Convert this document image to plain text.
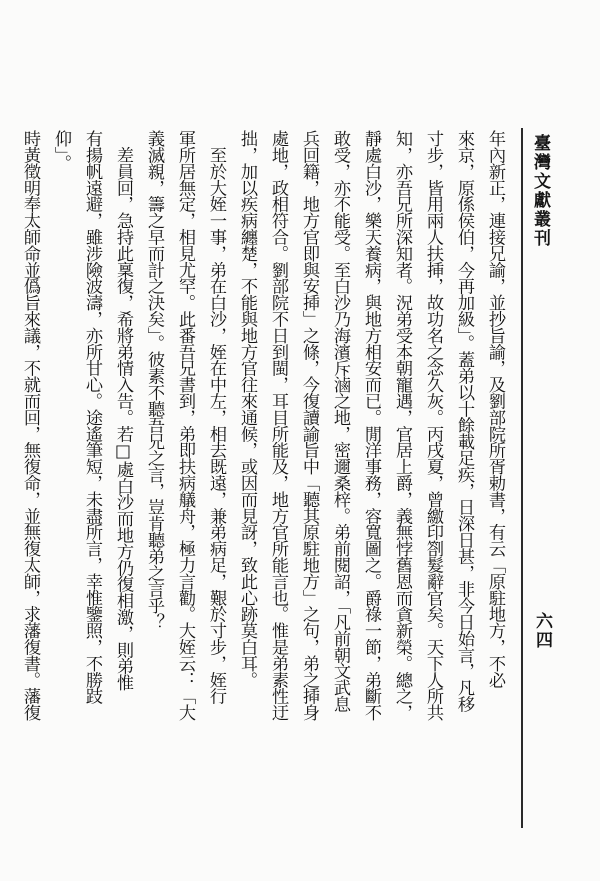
臺灣文獻叢刊
六四
年內新正，連接兄諭，並抄旨諭，及劉部院所胥勅書，有云「原駐地方，不必
來京，原係侯伯，今再加級」。蓋弟以十餘載足疾，日深日甚，非今日始言，凡移
寸步，皆用兩人扶挿，故功名之念久灰。丙戌夏，曾繳印劄髮辭官矣。天下人所共
知，亦吾兄所深知者。況弟受本朝寵遇，官居上爵，義無悖舊恩而貪新榮。總之，
靜處白沙，樂天養病，與地方相安而已。閒洋事務，容寬圖之。爵祿一節，弟斷不
敢受，亦不能受。至白沙乃海濱斥滷之地，密邇桑梓。弟前閱詔，「凡前朝文武息
兵回籍，地方官即與安揷」之條，今復讀諭旨中「聽其原駐地方」之句，弟之揷身
處地，政相符合。劉部院不日到閩，耳目所能及，地方官所能言也。惟是弟素性迂
拙，加以疾病纏楚，不能與地方官往來通候，或因而見訝，致此心跡莫白耳。
　至於大姪一事，弟在白沙，姪在中左，相去既遠，兼弟病足，艱於寸步，姪行
軍所居無定，相見尤罕。此番吾兄書到，弟即扶病艤舟，極力言勸。大姪云：「大
義滅親，籌之早而計之決矣」。彼素不聽吾兄之言，豈肯聽弟之言乎？
　差員回，急持此稟復，希將弟情入告。若□處白沙而地方仍復相激，則弟惟
有揚帆遠避，雖涉險波濤，亦所甘心。途遙筆短，未盡所言，幸惟鑒照，不勝跂
仰」。
時黃徵明奉太師命並僞旨來議，不就而回，無復命，並無復太師，求藩復書。藩復
